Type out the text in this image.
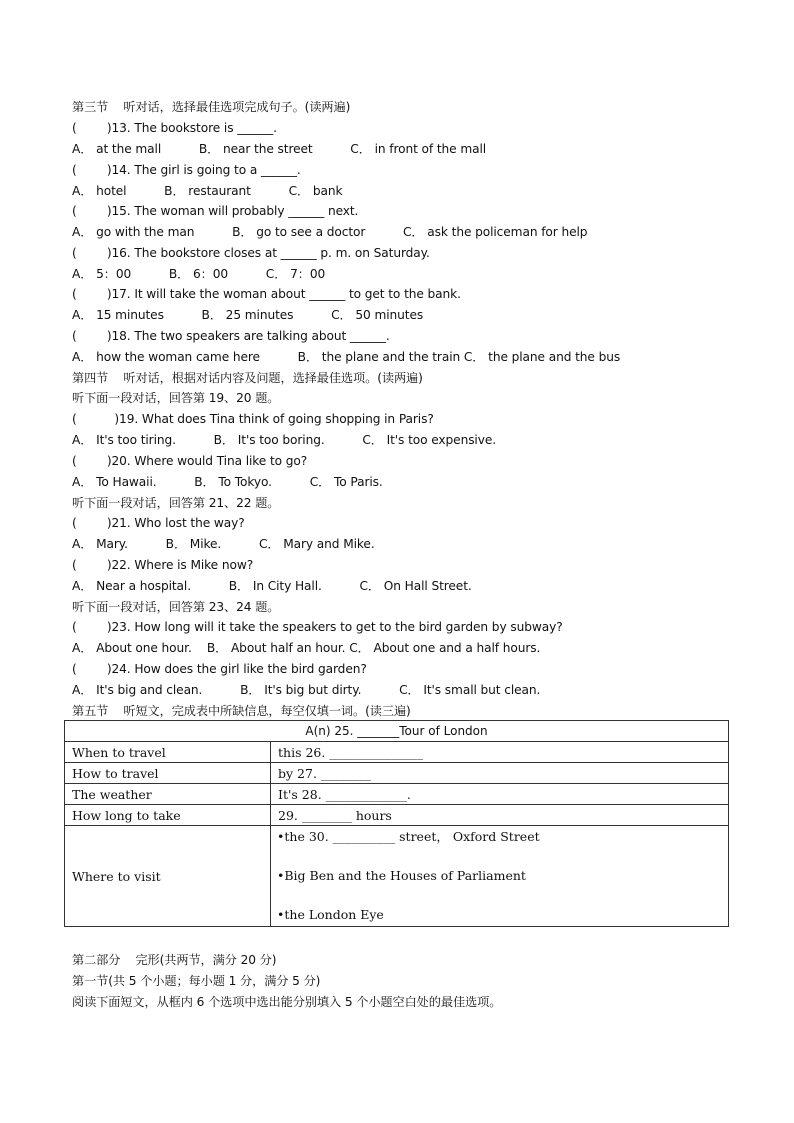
第三节    听对话，选择最佳选项完成句子。(读两遍)
(        )13. The bookstore is ______.
A． at the mall          B． near the street          C． in front of the mall
(        )14. The girl is going to a ______.
A． hotel          B． restaurant          C． bank
(        )15. The woman will probably ______ next.
A． go with the man          B． go to see a doctor          C． ask the policeman for help
(        )16. The bookstore closes at ______ p. m. on Saturday.
A． 5：00          B． 6：00          C． 7：00
(        )17. It will take the woman about ______ to get to the bank.
A． 15 minutes          B． 25 minutes          C． 50 minutes
(        )18. The two speakers are talking about ______.
A． how the woman came here          B． the plane and the train C． the plane and the bus
第四节    听对话，根据对话内容及问题，选择最佳选项。(读两遍)
听下面一段对话，回答第 19、20 题。
(          )19. What does Tina think of going shopping in Paris?
A． It's too tiring.          B． It's too boring.          C． It's too expensive.
(        )20. Where would Tina like to go?
A． To Hawaii.          B． To Tokyo.          C． To Paris.
听下面一段对话，回答第 21、22 题。
(        )21. Who lost the way?
A． Mary.          B． Mike.          C． Mary and Mike.
(        )22. Where is Mike now?
A． Near a hospital.          B． In City Hall.          C． On Hall Street.
听下面一段对话，回答第 23、24 题。
(        )23. How long will it take the speakers to get to the bird garden by subway?
A． About one hour.    B． About half an hour. C． About one and a half hours.
(        )24. How does the girl like the bird garden?
A． It's big and clean.          B． It's big but dirty.          C． It's small but clean.
第五节    听短文，完成表中所缺信息，每空仅填一词。(读三遍)
A(n) 25. _______Tour of London	
When to travel	this 26. _______________
How to travel	by 27. ________
The weather	It's 28. _____________.
How long to take	29. ________ hours
Where to visit	•the 30. __________ street， Oxford Street
•Big Ben and the Houses of Parliament
•the London Eye
第二部分    完形(共两节，满分 20 分)
第一节(共 5 个小题；每小题 1 分，满分 5 分)
阅读下面短文，从框内 6 个选项中选出能分别填入 5 个小题空白处的最佳选项。
